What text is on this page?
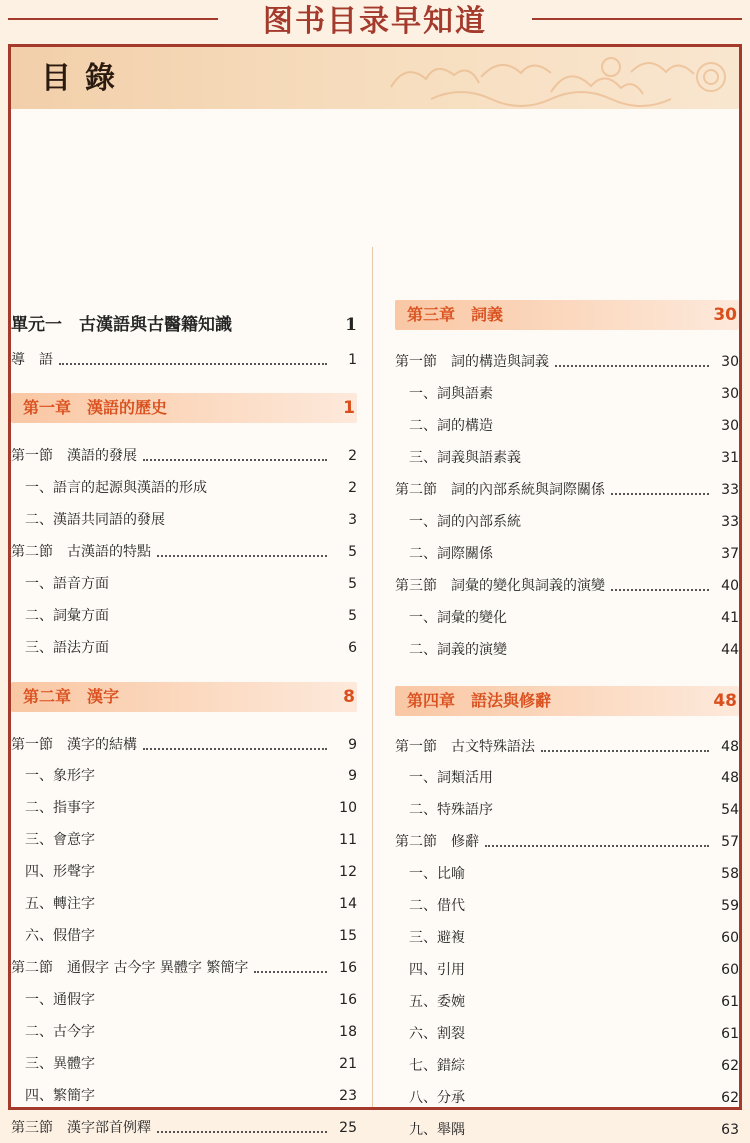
图书目录早知道
目錄
單元一　古漢語與古醫籍知識	1
導　語	1
第一章　漢語的歷史	1
第一節　漢語的發展	2
一、語言的起源與漢語的形成	2
二、漢語共同語的發展	3
第二節　古漢語的特點	5
一、語音方面	5
二、詞彙方面	5
三、語法方面	6
第二章　漢字	8
第一節　漢字的結構	9
一、象形字	9
二、指事字	10
三、會意字	11
四、形聲字	12
五、轉注字	14
六、假借字	15
第二節　通假字 古今字 異體字 繁簡字	16
一、通假字	16
二、古今字	18
三、異體字	21
四、繁簡字	23
第三節　漢字部首例釋	25
第三章　詞義	30
第一節　詞的構造與詞義	30
一、詞與語素	30
二、詞的構造	30
三、詞義與語素義	31
第二節　詞的內部系統與詞際關係	33
一、詞的內部系統	33
二、詞際關係	37
第三節　詞彙的變化與詞義的演變	40
一、詞彙的變化	41
二、詞義的演變	44
第四章　語法與修辭	48
第一節　古文特殊語法	48
一、詞類活用	48
二、特殊語序	54
第二節　修辭	57
一、比喻	58
二、借代	59
三、避複	60
四、引用	60
五、委婉	61
六、割裂	61
七、錯綜	62
八、分承	62
九、舉隅	63
